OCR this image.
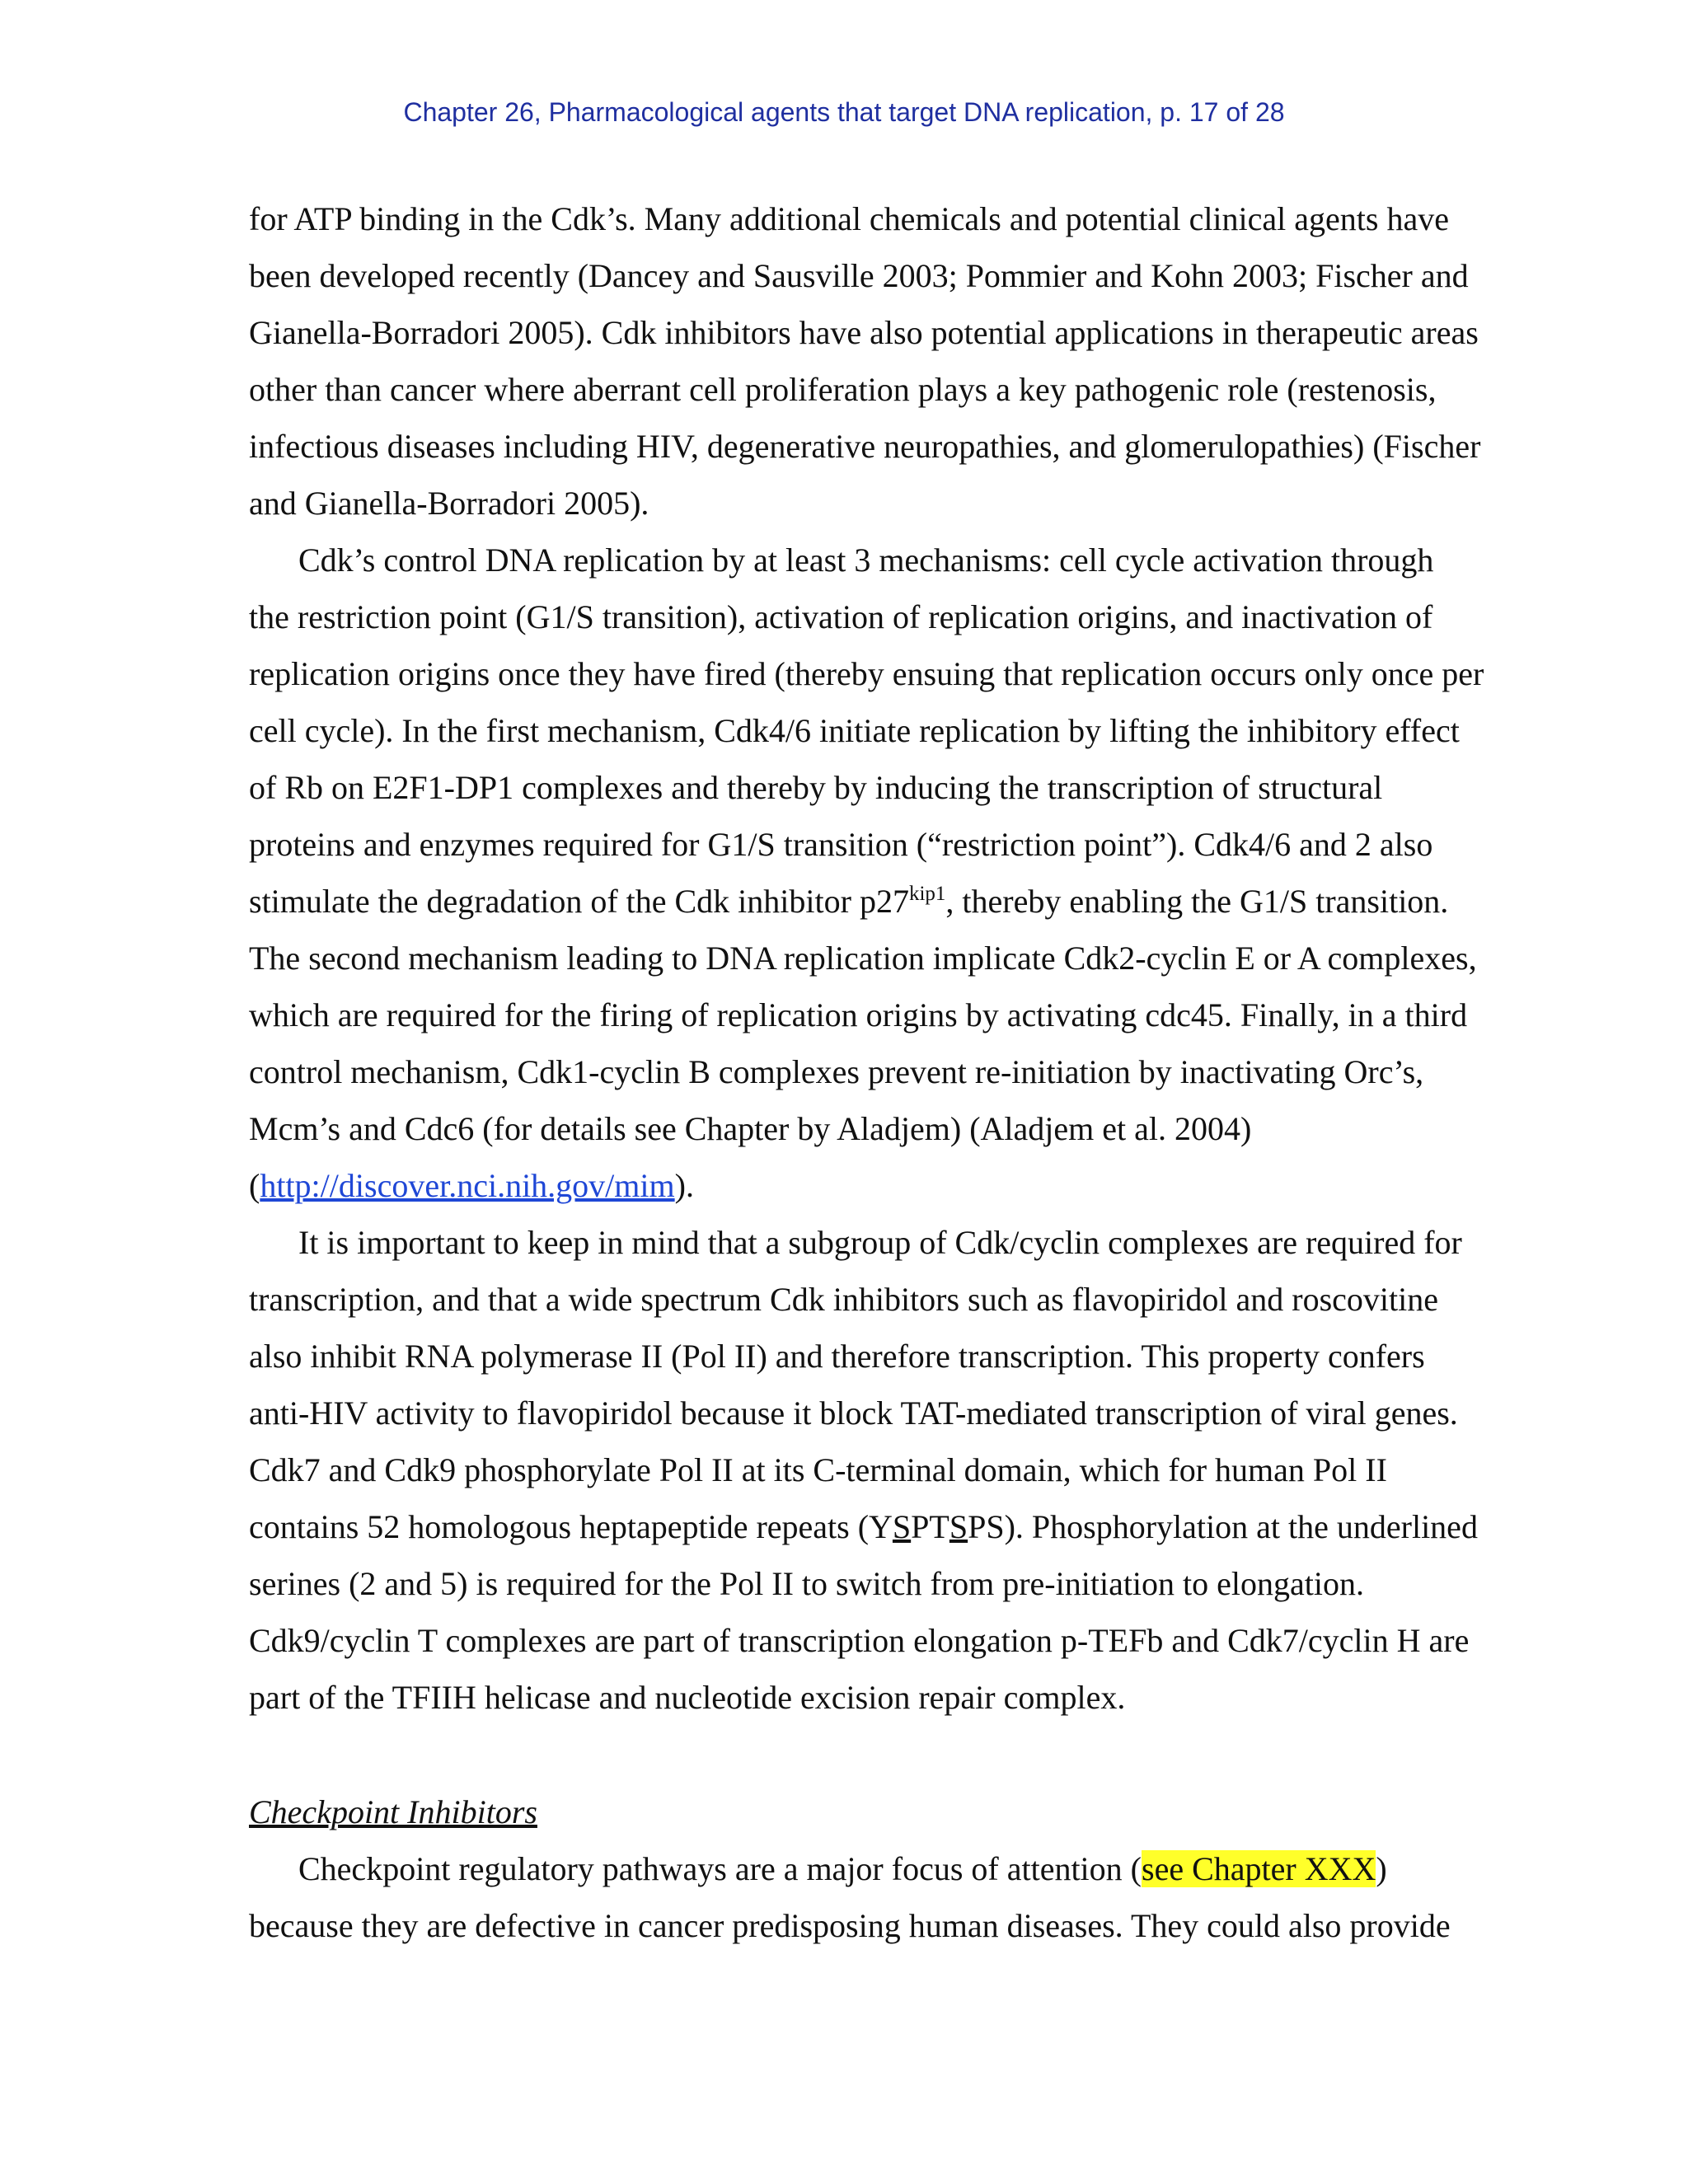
Chapter 26, Pharmacological agents that target DNA replication, p. 17 of 28
for ATP binding in the Cdk’s. Many additional chemicals and potential clinical agents have
been developed recently (Dancey and Sausville 2003; Pommier and Kohn 2003; Fischer and
Gianella-Borradori 2005). Cdk inhibitors have also potential applications in therapeutic areas
other than cancer where aberrant cell proliferation plays a key pathogenic role (restenosis,
infectious diseases including HIV, degenerative neuropathies, and glomerulopathies) (Fischer
and Gianella-Borradori 2005).
Cdk’s control DNA replication by at least 3 mechanisms: cell cycle activation through
the restriction point (G1/S transition), activation of replication origins, and inactivation of
replication origins once they have fired (thereby ensuing that replication occurs only once per
cell cycle). In the first mechanism, Cdk4/6 initiate replication by lifting the inhibitory effect
of Rb on E2F1-DP1 complexes and thereby by inducing the transcription of structural
proteins and enzymes required for G1/S transition (“restriction point”). Cdk4/6 and 2 also
stimulate the degradation of the Cdk inhibitor $p27^{kip1}$, thereby enabling the G1/S transition.
The second mechanism leading to DNA replication implicate Cdk2-cyclin E or A complexes,
which are required for the firing of replication origins by activating cdc45. Finally, in a third
control mechanism, Cdk1-cyclin B complexes prevent re-initiation by inactivating Orc’s,
Mcm’s and Cdc6 (for details see Chapter by Aladjem) (Aladjem et al. 2004)
(http://discover.nci.nih.gov/mim).
It is important to keep in mind that a subgroup of Cdk/cyclin complexes are required for
transcription, and that a wide spectrum Cdk inhibitors such as flavopiridol and roscovitine
also inhibit RNA polymerase II (Pol II) and therefore transcription. This property confers
anti-HIV activity to flavopiridol because it block TAT-mediated transcription of viral genes.
Cdk7 and Cdk9 phosphorylate Pol II at its C-terminal domain, which for human Pol II
contains 52 homologous heptapeptide repeats (YSPTSPS). Phosphorylation at the underlined
serines (2 and 5) is required for the Pol II to switch from pre-initiation to elongation.
Cdk9/cyclin T complexes are part of transcription elongation p-TEFb and Cdk7/cyclin H are
part of the TFIIH helicase and nucleotide excision repair complex.
Checkpoint Inhibitors
Checkpoint regulatory pathways are a major focus of attention (see Chapter XXX)
because they are defective in cancer predisposing human diseases. They could also provide
